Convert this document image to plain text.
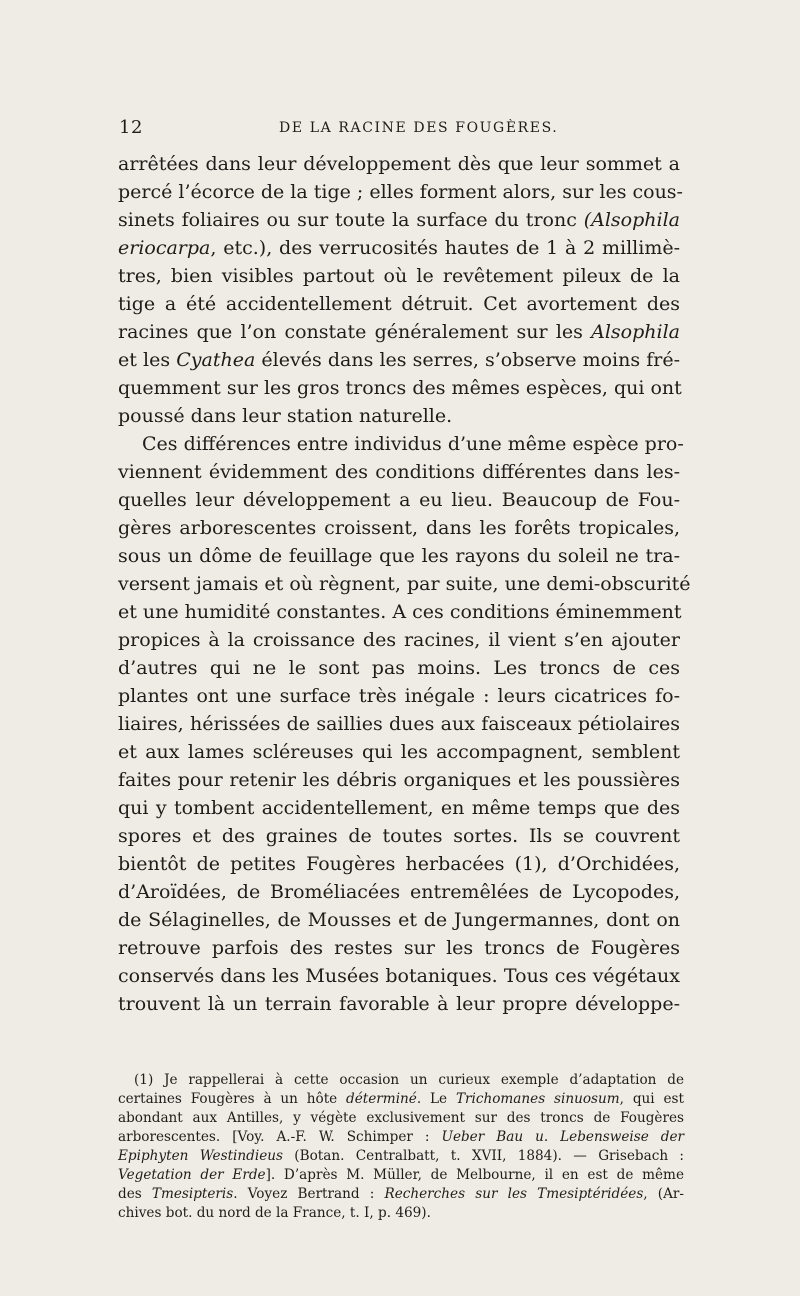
12	DE LA RACINE DES FOUGÈRES.
arrêtées dans leur développement dès que leur sommet a
percé l’écorce de la tige ; elles forment alors, sur les cous-
sinets foliaires ou sur toute la surface du tronc (Alsophila
eriocarpa, etc.), des verrucosités hautes de 1 à 2 millimè-
tres, bien visibles partout où le revêtement pileux de la
tige a été accidentellement détruit. Cet avortement des
racines que l’on constate généralement sur les Alsophila
et les Cyathea élevés dans les serres, s’observe moins fré-
quemment sur les gros troncs des mêmes espèces, qui ont
poussé dans leur station naturelle.
Ces différences entre individus d’une même espèce pro-
viennent évidemment des conditions différentes dans les-
quelles leur développement a eu lieu. Beaucoup de Fou-
gères arborescentes croissent, dans les forêts tropicales,
sous un dôme de feuillage que les rayons du soleil ne tra-
versent jamais et où règnent, par suite, une demi-obscurité
et une humidité constantes. A ces conditions éminemment
propices à la croissance des racines, il vient s’en ajouter
d’autres qui ne le sont pas moins. Les troncs de ces
plantes ont une surface très inégale : leurs cicatrices fo-
liaires, hérissées de saillies dues aux faisceaux pétiolaires
et aux lames scléreuses qui les accompagnent, semblent
faites pour retenir les débris organiques et les poussières
qui y tombent accidentellement, en même temps que des
spores et des graines de toutes sortes. Ils se couvrent
bientôt de petites Fougères herbacées (1), d’Orchidées,
d’Aroïdées, de Broméliacées entremêlées de Lycopodes,
de Sélaginelles, de Mousses et de Jungermannes, dont on
retrouve parfois des restes sur les troncs de Fougères
conservés dans les Musées botaniques. Tous ces végétaux
trouvent là un terrain favorable à leur propre développe-
(1) Je rappellerai à cette occasion un curieux exemple d’adaptation de
certaines Fougères à un hôte déterminé. Le Trichomanes sinuosum, qui est
abondant aux Antilles, y végète exclusivement sur des troncs de Fougères
arborescentes. [Voy. A.-F. W. Schimper : Ueber Bau u. Lebensweise der
Epiphyten Westindieus (Botan. Centralbatt, t. XVII, 1884). — Grisebach :
Vegetation der Erde]. D’après M. Müller, de Melbourne, il en est de même
des Tmesipteris. Voyez Bertrand : Recherches sur les Tmesiptéridées, (Ar-
chives bot. du nord de la France, t. I, p. 469).
